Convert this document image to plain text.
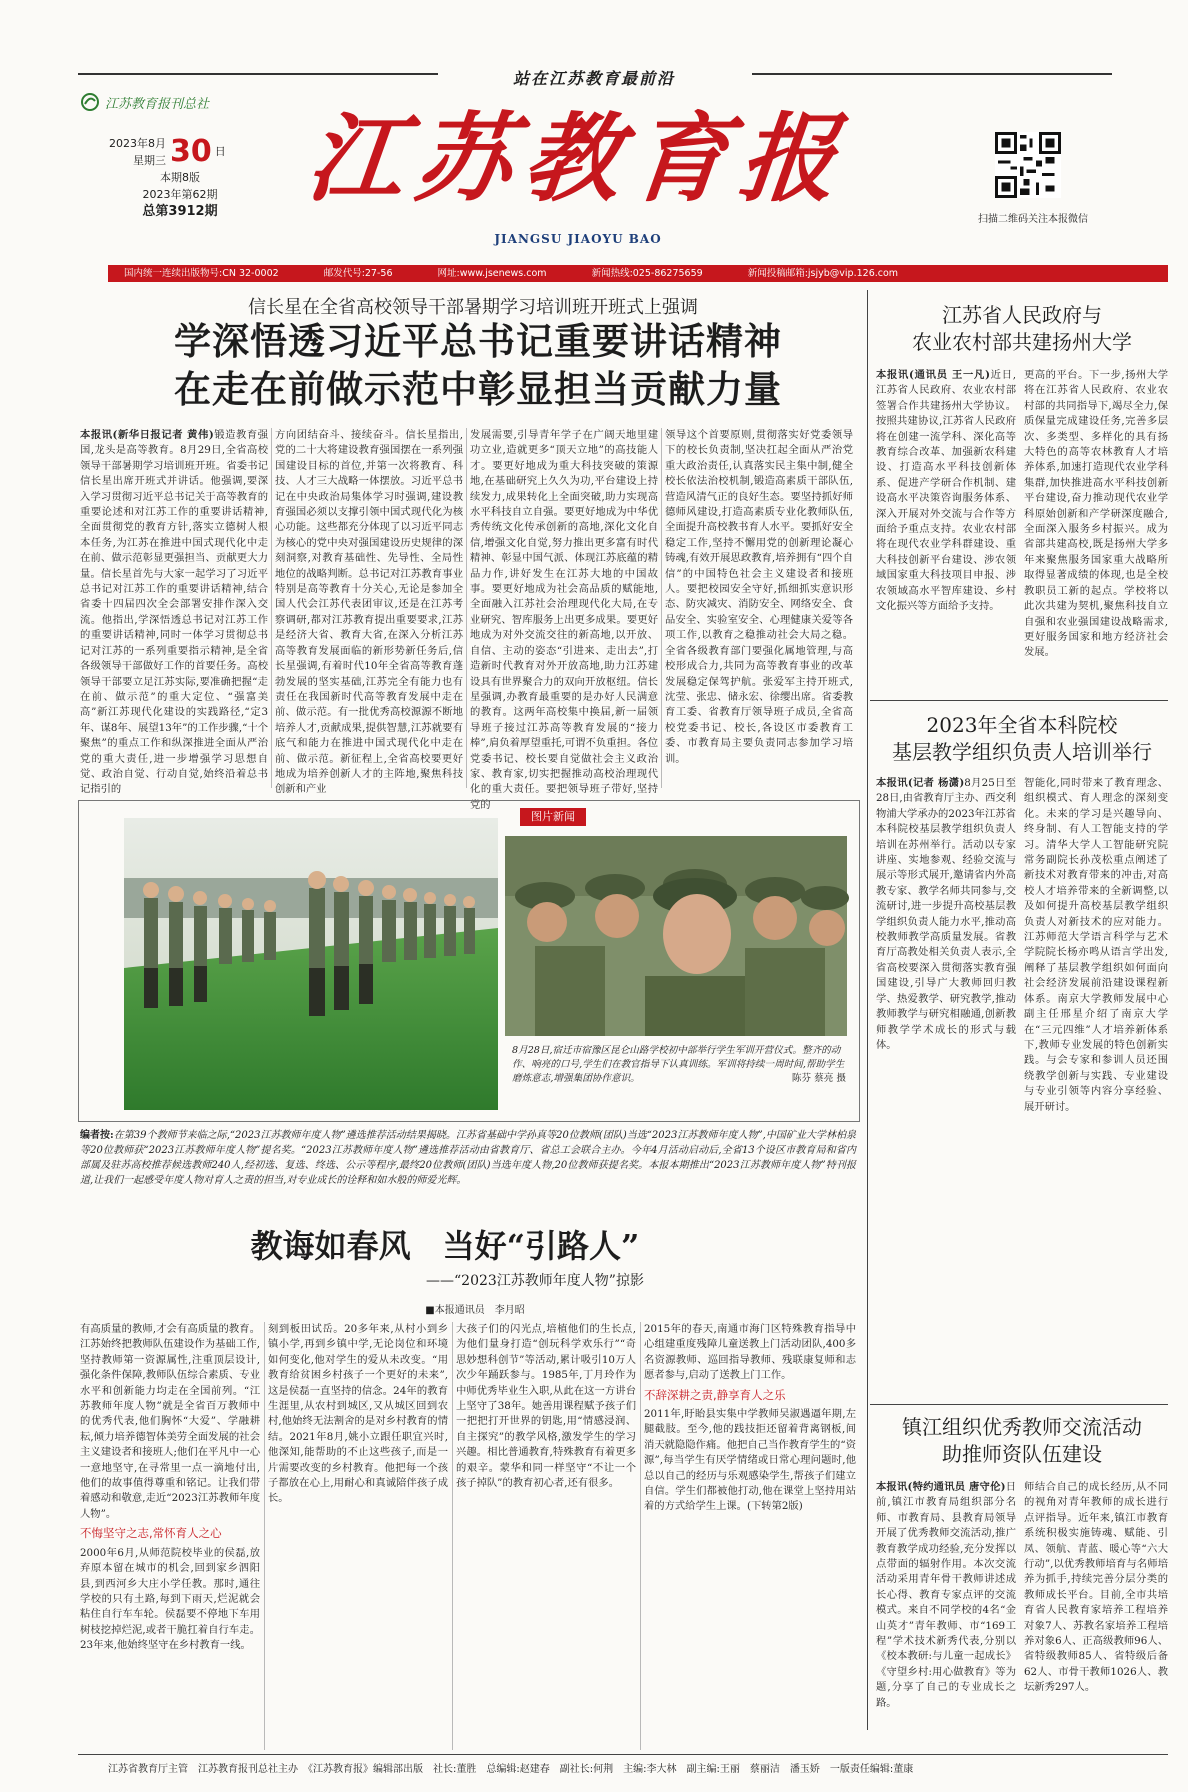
站在江苏教育最前沿
江苏教育报刊总社
2023年8月
星期三 30 日
本期8版
2023年第62期
总第3912期 江苏教育报
JIANGSU JIAOYU BAO
扫描二维码关注本报微信
国内统一连续出版物号:CN 32-0002	邮发代号:27-56	网址:www.jsenews.com	新闻热线:025-86275659	新闻投稿邮箱:jsjyb@vip.126.com
信长星在全省高校领导干部暑期学习培训班开班式上强调
学深悟透习近平总书记重要讲话精神
在走在前做示范中彰显担当贡献力量
本报讯(新华日报记者 黄伟)锻造教育强国,龙头是高等教育。8月29日,全省高校领导干部暑期学习培训班开班。省委书记信长星出席开班式并讲话。他强调,要深入学习贯彻习近平总书记关于高等教育的重要论述和对江苏工作的重要讲话精神,全面贯彻党的教育方针,落实立德树人根本任务,为江苏在推进中国式现代化中走在前、做示范彰显更强担当、贡献更大力量。信长星首先与大家一起学习了习近平总书记对江苏工作的重要讲话精神,结合省委十四届四次全会部署安排作深入交流。他指出,学深悟透总书记对江苏工作的重要讲话精神,同时一体学习贯彻总书记对江苏的一系列重要指示精神,是全省各级领导干部做好工作的首要任务。高校领导干部要立足江苏实际,要准确把握“走在前、做示范”的重大定位、“强富美高”新江苏现代化建设的实践路径,“定3年、谋8年、展望13年”的工作步骤,“十个聚焦”的重点工作和纵深推进全面从严治党的重大责任,进一步增强学习思想自觉、政治自觉、行动自觉,始终沿着总书记指引的
方向团结奋斗、接续奋斗。信长星指出,党的二十大将建设教育强国摆在一系列强国建设目标的首位,并第一次将教育、科技、人才三大战略一体摆放。习近平总书记在中央政治局集体学习时强调,建设教育强国必须以支撑引领中国式现代化为核心功能。这些都充分体现了以习近平同志为核心的党中央对强国建设历史规律的深刻洞察,对教育基础性、先导性、全局性地位的战略判断。总书记对江苏教育事业特别是高等教育十分关心,无论是参加全国人代会江苏代表团审议,还是在江苏考察调研,都对江苏教育提出重要要求,江苏是经济大省、教育大省,在深入分析江苏高等教育发展面临的新形势新任务后,信长星强调,有着时代10年全省高等教育蓬勃发展的坚实基础,江苏完全有能力也有责任在我国新时代高等教育发展中走在前、做示范。有一批优秀高校源源不断地培养人才,贡献成果,提供智慧,江苏就要有底气和能力在推进中国式现代化中走在前、做示范。新征程上,全省高校要更好地成为培养创新人才的主阵地,聚焦科技创新和产业
发展需要,引导青年学子在广阔天地里建功立业,造就更多“顶天立地”的高技能人才。要更好地成为重大科技突破的策源地,在基础研究上久久为功,平台建设上持续发力,成果转化上全面突破,助力实现高水平科技自立自强。要更好地成为中华优秀传统文化传承创新的高地,深化文化自信,增强文化自觉,努力推出更多富有时代精神、彰显中国气派、体现江苏底蕴的精品力作,讲好发生在江苏大地的中国故事。要更好地成为社会高品质的赋能地,全面融入江苏社会治理现代化大局,在专业研究、智库服务上出更多成果。要更好地成为对外交流交往的新高地,以开放、自信、主动的姿态“引进来、走出去”,打造新时代教育对外开放高地,助力江苏建设具有世界聚合力的双向开放枢纽。信长星强调,办教育最重要的是办好人民满意的教育。这两年高校集中换届,新一届领导班子接过江苏高等教育发展的“接力棒”,肩负着厚望重托,可谓不负重担。各位党委书记、校长要自觉做社会主义政治家、教育家,切实把握推动高校治理现代化的重大责任。要把领导班子带好,坚持党的
领导这个首要原则,贯彻落实好党委领导下的校长负责制,坚决扛起全面从严治党重大政治责任,认真落实民主集中制,健全校长依法治校机制,锻造高素质干部队伍,营造风清气正的良好生态。要坚持抓好师德师风建设,打造高素质专业化教师队伍,全面提升高校教书育人水平。要抓好安全稳定工作,坚持不懈用党的创新理论凝心铸魂,有效开展思政教育,培养拥有“四个自信”的中国特色社会主义建设者和接班人。要把校园安全守好,抓细抓实意识形态、防灾减灾、消防安全、网络安全、食品安全、实验室安全、心理健康关爱等各项工作,以教育之稳推动社会大局之稳。全省各级教育部门要强化属地管理,与高校形成合力,共同为高等教育事业的改革发展稳定保驾护航。张爱军主持开班式,沈莹、张忠、储永宏、徐缨出席。省委教育工委、省教育厅领导班子成员,全省高校党委书记、校长,各设区市委教育工委、市教育局主要负责同志参加学习培训。
江苏省人民政府与
农业农村部共建扬州大学
本报讯(通讯员 王一凡)近日,江苏省人民政府、农业农村部签署合作共建扬州大学协议。按照共建协议,江苏省人民政府将在创建一流学科、深化高等教育综合改革、加强新农科建设、打造高水平科技创新体系、促进产学研合作机制、建设高水平决策咨询服务体系、深入开展对外交流与合作等方面给予重点支持。农业农村部将在现代农业学科群建设、重大科技创新平台建设、涉农领域国家重大科技项目申报、涉农领域高水平智库建设、乡村文化振兴等方面给予支持。
更高的平台。下一步,扬州大学将在江苏省人民政府、农业农村部的共同指导下,竭尽全力,保质保量完成建设任务,完善多层次、多类型、多样化的具有扬大特色的高等农林教育人才培养体系,加速打造现代农业学科集群,加快推进高水平科技创新平台建设,奋力推动现代农业学科原始创新和产学研深度融合,全面深入服务乡村振兴。成为省部共建高校,既是扬州大学多年来聚焦服务国家重大战略所取得显著成绩的体现,也是全校教职员工新的起点。学校将以此次共建为契机,聚焦科技自立自强和农业强国建设战略需求,更好服务国家和地方经济社会发展。
2023年全省本科院校
基层教学组织负责人培训举行
本报讯(记者 杨潇)8月25日至28日,由省教育厅主办、西交利物浦大学承办的2023年江苏省本科院校基层教学组织负责人培训在苏州举行。活动以专家讲座、实地参观、经验交流与展示等形式展开,邀请省内外高教专家、教学名师共同参与,交流研讨,进一步提升高校基层教学组织负责人能力水平,推动高校教师教学高质量发展。省教育厅高教处相关负责人表示,全省高校要深入贯彻落实教育强国建设,引导广大教师回归教学、热爱教学、研究教学,推动教师教学与研究相融通,创新教师教学学术成长的形式与载体。
智能化,同时带来了教育理念、组织模式、育人理念的深刻变化。未来的学习是兴趣导向、终身制、有人工智能支持的学习。清华大学人工智能研究院常务副院长孙茂松重点阐述了新技术对教育带来的冲击,对高校人才培养带来的全新调整,以及如何提升高校基层教学组织负责人对新技术的应对能力。江苏师范大学语言科学与艺术学院院长杨亦鸣从语言学出发,阐释了基层教学组织如何面向社会经济发展前沿建设课程新体系。南京大学教师发展中心副主任邢星介绍了南京大学在“三元四维”人才培养新体系下,教师专业发展的特色创新实践。与会专家和参训人员还围绕教学创新与实践、专业建设与专业引领等内容分享经验、展开研讨。
镇江组织优秀教师交流活动
助推师资队伍建设
本报讯(特约通讯员 唐守伦)日前,镇江市教育局组织部分名师、市教育局、县教育局领导开展了优秀教师交流活动,推广教育教学成功经验,充分发挥以点带面的辐射作用。本次交流活动采用青年骨干教师讲述成长心得、教育专家点评的交流模式。来自不同学校的4名“金山英才”青年教师、市“169工程”学术技术新秀代表,分别以《校本教研:与儿童一起成长》《守望乡村:用心做教育》等为题,分享了自己的专业成长之路。
师结合自己的成长经历,从不同的视角对青年教师的成长进行点评指导。近年来,镇江市教育系统积极实施铸魂、赋能、引凤、领航、青蓝、暖心等“六大行动”,以优秀教师培育与名师培养为抓手,持续完善分层分类的教师成长平台。目前,全市共培育省人民教育家培养工程培养对象7人、苏教名家培养工程培养对象6人、正高级教师96人、省特级教师85人、省特级后备62人、市骨干教师1026人、教坛新秀297人。
图片新闻
8月28日,宿迁市宿豫区昆仑山路学校初中部举行学生军训开营仪式。整齐的动作、响亮的口号,学生们在教官指导下认真训练。军训将持续一周时间,帮助学生磨炼意志,增强集团协作意识。	陈芬 蔡亮 摄
编者按:在第39个教师节来临之际,“2023江苏教师年度人物”遴选推荐活动结果揭晓。江苏省基础中学孙真等20位教师(团队)当选“2023江苏教师年度人物”,中国矿业大学林柏泉等20位教师获“2023江苏教师年度人物”提名奖。“2023江苏教师年度人物”遴选推荐活动由省教育厅、省总工会联合主办。今年4月活动启动后,全省13个设区市教育局和省内部属及驻苏高校推荐候选教师240人,经初选、复选、终选、公示等程序,最终20位教师(团队)当选年度人物,20位教师获提名奖。本报本期推出“2023江苏教师年度人物”特刊报道,让我们一起感受年度人物对育人之责的担当,对专业成长的诠释和如水般的师爱光辉。
教诲如春风　当好“引路人”
——“2023江苏教师年度人物”掠影
■本报通讯员　李月昭
有高质量的教师,才会有高质量的教育。江苏始终把教师队伍建设作为基础工作,坚持教师第一资源属性,注重顶层设计,强化条件保障,教师队伍综合素质、专业水平和创新能力均走在全国前列。“江苏教师年度人物”就是全省百万教师中的优秀代表,他们胸怀“大爱”、学融耕耘,倾力培养德智体美劳全面发展的社会主义建设者和接班人;他们在平凡中一心一意地坚守,在寻常里一点一滴地付出,他们的故事值得尊重和铭记。让我们带着感动和敬意,走近“2023江苏教师年度人物”。
不悔坚守之志,常怀育人之心
2000年6月,从师范院校毕业的侯磊,放弃原本留在城市的机会,回到家乡泗阳县,到西河乡大庄小学任教。那时,通往学校的只有土路,每到下雨天,烂泥就会粘住自行车车轮。侯磊要不停地下车用树枝挖掉烂泥,或者干脆扛着自行车走。23年来,他始终坚守在乡村教育一线。
刻到板田试岳。20多年来,从村小到乡镇小学,再到乡镇中学,无论岗位和环境如何变化,他对学生的爱从未改变。“用教育给贫困乡村孩子一个更好的未来”,这是侯磊一直坚持的信念。24年的教育生涯里,从农村到城区,又从城区回到农村,他始终无法割舍的是对乡村教育的情结。2021年8月,姚小立跟任职宜兴时,他深知,能帮助的不止这些孩子,而是一片需要改变的乡村教育。他把每一个孩子都放在心上,用耐心和真诚陪伴孩子成长。
大孩子们的闪光点,培植他们的生长点,为他们量身打造“创玩科学欢乐行”“奇思妙想科创节”等活动,累计吸引10万人次少年踊跃参与。1985年,丁月玲作为中师优秀毕业生入职,从此在这一方讲台上坚守了38年。她善用课程赋予孩子们一把把打开世界的钥匙,用“情感浸润、自主探究”的教学风格,激发学生的学习兴趣。相比普通教育,特殊教育有着更多的艰辛。蒙华和同一样坚守“不让一个孩子掉队”的教育初心者,还有很多。
2015年的春天,南通市海门区特殊教育指导中心组建重度残障儿童送教上门活动团队,400多名资源教师、巡回指导教师、残联康复师和志愿者参与,启动了送教上门工作。
不辞深耕之责,静享育人之乐
2011年,盱眙县实集中学教师吴淑遇逼年期,左腿截肢。至今,他的践技拒还留着背离钢板,间消天就隐隐作痛。他把自己当作教育学生的“资源”,每当学生有厌学情绪或日常心理问题时,他总以自己的经历与乐观感染学生,帮孩子们建立自信。学生们都被他打动,他在课堂上坚持用站着的方式给学生上课。(下转第2版)
江苏省教育厅主管　江苏教育报刊总社主办　《江苏教育报》编辑部出版　社长:董胜　总编辑:赵建春　副社长:何荆　主编:李大林　副主编:王丽　蔡丽洁　潘玉娇　一版责任编辑:董康
